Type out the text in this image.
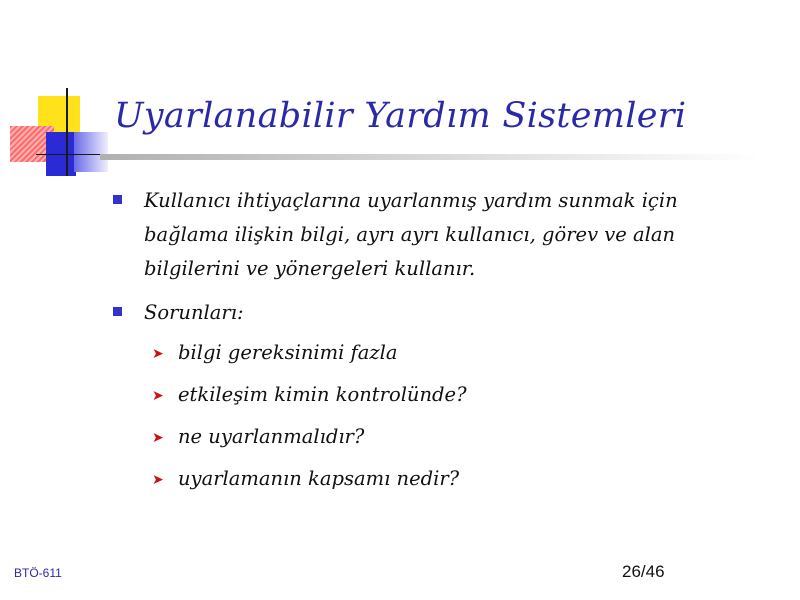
Uyarlanabilir Yardım Sistemleri
Kullanıcı ihtiyaçlarına uyarlanmış yardım sunmak için bağlama ilişkin bilgi, ayrı ayrı kullanıcı, görev ve alan bilgilerini ve yönergeleri kullanır.
Sorunları:
➤ bilgi gereksinimi fazla
➤ etkileşim kimin kontrolünde?
➤ ne uyarlanmalıdır?
➤ uyarlamanın kapsamı nedir?
BTÖ-611	26/46
